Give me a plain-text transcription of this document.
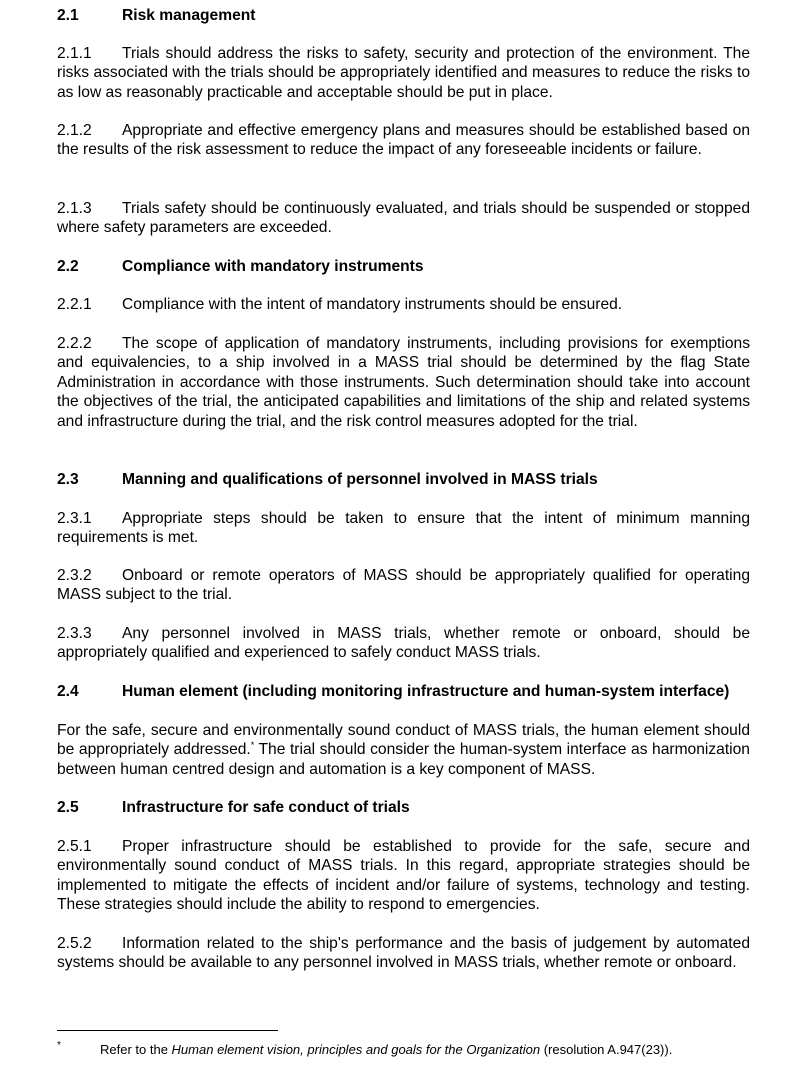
2.1	Risk management
2.1.1 Trials should address the risks to safety, security and protection of the environment. The risks associated with the trials should be appropriately identified and measures to reduce the risks to as low as reasonably practicable and acceptable should be put in place.
2.1.2 Appropriate and effective emergency plans and measures should be established based on the results of the risk assessment to reduce the impact of any foreseeable incidents or failure.
2.1.3 Trials safety should be continuously evaluated, and trials should be suspended or stopped where safety parameters are exceeded.
2.2	Compliance with mandatory instruments
2.2.1 Compliance with the intent of mandatory instruments should be ensured.
2.2.2 The scope of application of mandatory instruments, including provisions for exemptions and equivalencies, to a ship involved in a MASS trial should be determined by the flag State Administration in accordance with those instruments. Such determination should take into account the objectives of the trial, the anticipated capabilities and limitations of the ship and related systems and infrastructure during the trial, and the risk control measures adopted for the trial.
2.3	Manning and qualifications of personnel involved in MASS trials
2.3.1 Appropriate steps should be taken to ensure that the intent of minimum manning requirements is met.
2.3.2 Onboard or remote operators of MASS should be appropriately qualified for operating MASS subject to the trial.
2.3.3 Any personnel involved in MASS trials, whether remote or onboard, should be appropriately qualified and experienced to safely conduct MASS trials.
2.4	Human element (including monitoring infrastructure and human-system interface)
For the safe, secure and environmentally sound conduct of MASS trials, the human element should be appropriately addressed.* The trial should consider the human-system interface as harmonization between human centred design and automation is a key component of MASS.
2.5	Infrastructure for safe conduct of trials
2.5.1 Proper infrastructure should be established to provide for the safe, secure and environmentally sound conduct of MASS trials. In this regard, appropriate strategies should be implemented to mitigate the effects of incident and/or failure of systems, technology and testing. These strategies should include the ability to respond to emergencies.
2.5.2 Information related to the ship's performance and the basis of judgement by automated systems should be available to any personnel involved in MASS trials, whether remote or onboard.
*	Refer to the Human element vision, principles and goals for the Organization (resolution A.947(23)).
